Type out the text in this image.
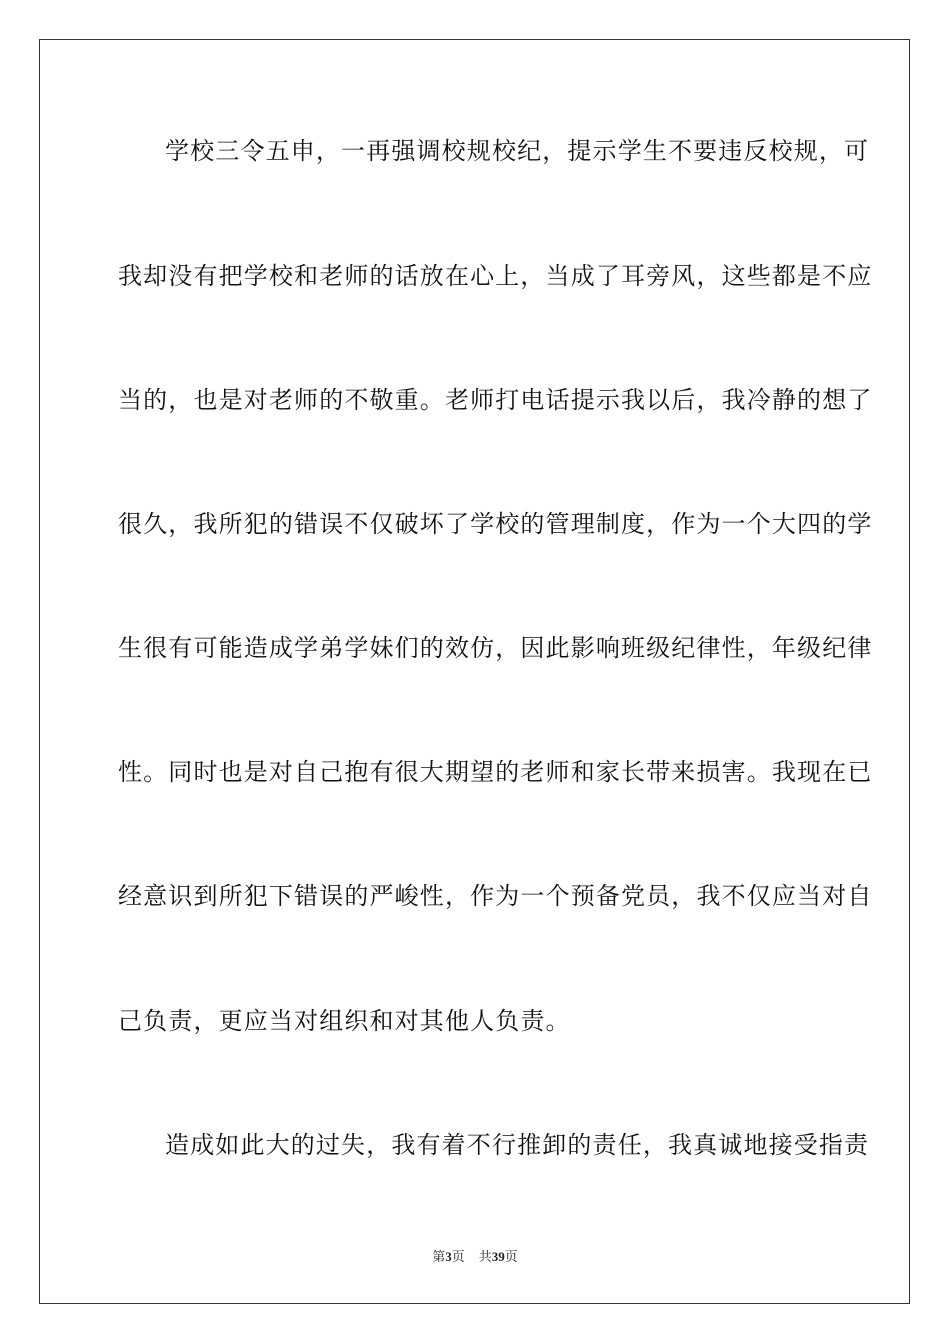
学校三令五申，一再强调校规校纪，提示学生不要违反校规，可
我却没有把学校和老师的话放在心上，当成了耳旁风，这些都是不应
当的，也是对老师的不敬重。老师打电话提示我以后，我冷静的想了
很久，我所犯的错误不仅破坏了学校的管理制度，作为一个大四的学
生很有可能造成学弟学妹们的效仿，因此影响班级纪律性，年级纪律
性。同时也是对自己抱有很大期望的老师和家长带来损害。我现在已
经意识到所犯下错误的严峻性，作为一个预备党员，我不仅应当对自
己负责，更应当对组织和对其他人负责。
造成如此大的过失，我有着不行推卸的责任，我真诚地接受指责
第3页 共39页
